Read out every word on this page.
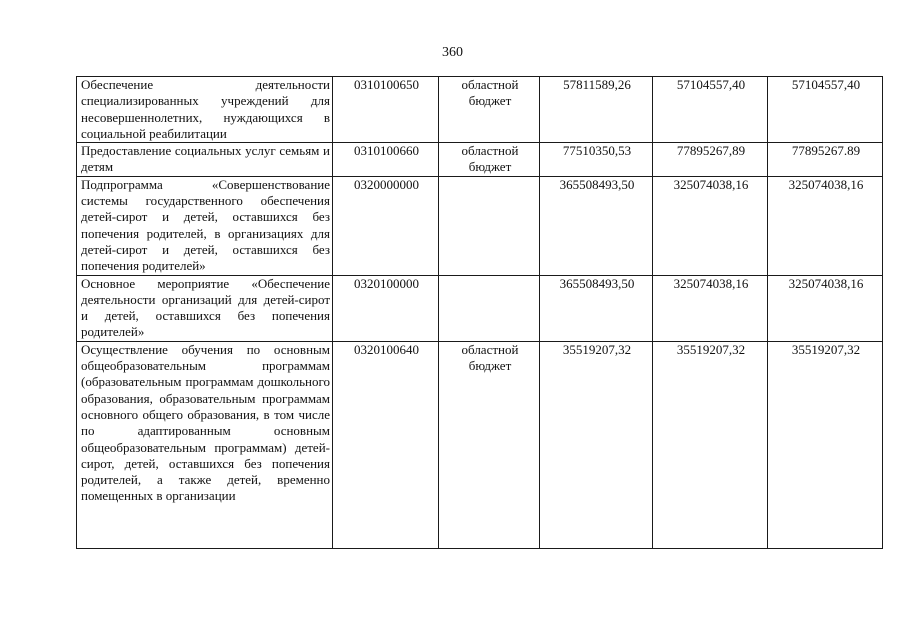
360
Обеспечение деятельности специализированных учреждений для несовершеннолетних, нуждающихся в социальной реабилитации	0310100650	областной бюджет	57811589,26	57104557,40	57104557,40
Предоставление социальных услуг семьям и детям	0310100660	областной бюджет	77510350,53	77895267,89	77895267.89
Подпрограмма «Совершенствование системы государственного обеспечения детей-сирот и детей, оставшихся без попечения родителей, в организациях для детей-сирот и детей, оставшихся без попечения родителей»	0320000000		365508493,50	325074038,16	325074038,16
Основное мероприятие «Обеспечение деятельности организаций для детей-сирот и детей, оставшихся без попечения родителей»	0320100000		365508493,50	325074038,16	325074038,16
Осуществление обучения по основным общеобразовательным программам (образовательным программам дошкольного образования, образовательным программам основного общего образования, в том числе по адаптированным основным общеобразовательным программам) детей-сирот, детей, оставшихся без попечения родителей, а также детей, временно помещенных в организации	0320100640	областной бюджет	35519207,32	35519207,32	35519207,32
